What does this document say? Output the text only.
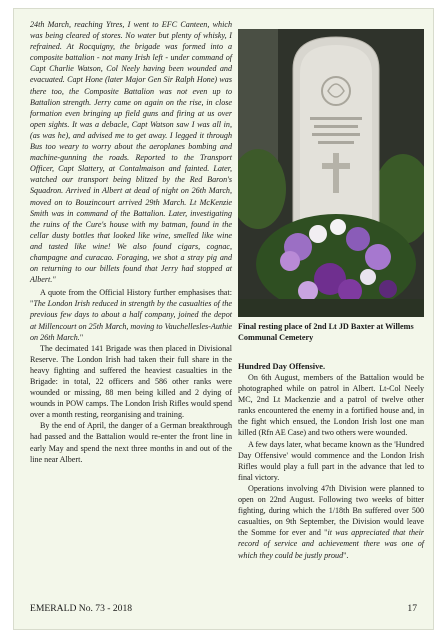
24th March, reaching Ytres, I went to EFC Canteen, which was being cleared of stores. No water but plenty of whisky, I refrained. At Rocquigny, the brigade was formed into a composite battalion - not many Irish left - under command of Capt Charlie Watson, Col Neely having been wounded and evacuated. Capt Hone (later Major Gen Sir Ralph Hone) was there too, the Composite Battalion was not even up to Battalion strength. Jerry came on again on the rise, in close formation even bringing up field guns and firing at us over open sights. It was a debacle, Capt Watson saw I was all in, (as was he), and advised me to get away. I legged it through Bus too weary to worry about the aeroplanes bombing and machine-gunning the roads. Reported to the Transport Officer, Capt Slattery, at Contalmaison and fainted. Later, watched our transport being blitzed by the Red Baron's Squadron. Arrived in Albert at dead of night on 26th March, moved on to Bouzincourt arrived 29th March. Lt McKenzie Smith was in command of the Battalion. Later, investigating the ruins of the Cure's house with my batman, found in the cellar dusty bottles that looked like wine, smelled like wine and tasted like wine! We also found cigars, cognac, champagne and curacao. Foraging, we shot a stray pig and on returning to our billets found that Jerry had stopped at Albert."

A quote from the Official History further emphasises that: "The London Irish reduced in strength by the casualties of the previous few days to about a half company, joined the depot at Millencourt on 25th March, moving to Vauchellesles-Authie on 26th March."

The decimated 141 Brigade was then placed in Divisional Reserve. The London Irish had taken their full share in the heavy fighting and suffered the heaviest casualties in the Brigade: in total, 22 officers and 586 other ranks were wounded or missing, 88 men being killed and 2 dying of wounds in POW camps. The London Irish Rifles would spend over a month resting, reorganising and training.

By the end of April, the danger of a German breakthrough had passed and the Battalion would re-enter the front line in early May and spend the next three months in and out of the line near Albert.

Final resting place of 2nd Lt JD Baxter at Willems Communal Cemetery

Hundred Day Offensive.

On 6th August, members of the Battalion would be photographed while on patrol in Albert. Lt-Col Neely MC, 2nd Lt Mackenzie and a patrol of twelve other ranks encountered the enemy in a fortified house and, in the fight which ensued, the London Irish lost one man killed (Rfn AE Case) and two others were wounded.

A few days later, what became known as the 'Hundred Day Offensive' would commence and the London Irish Rifles would play a full part in the advance that led to final victory.

Operations involving 47th Division were planned to open on 22nd August. Following two weeks of bitter fighting, during which the 1/18th Bn suffered over 500 casualties, on 9th September, the Division would leave the Somme for ever and "it was appreciated that their record of service and achievement there was one of which they could be justly proud".

EMERALD No. 73 - 2018	17
